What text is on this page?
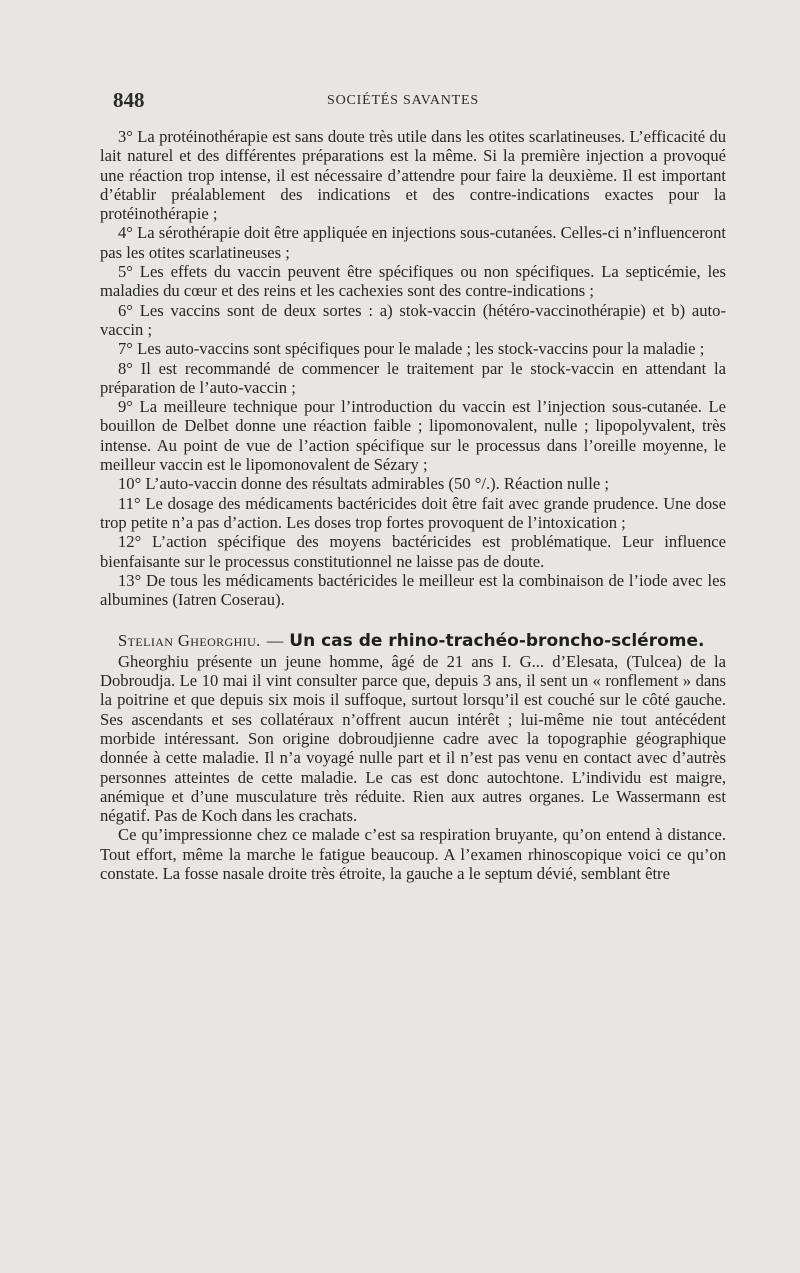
848	SOCIÉTÉS SAVANTES

3° La protéinothérapie est sans doute très utile dans les otites scarlatineuses. L’efficacité du lait naturel et des différentes préparations est la même. Si la première injection a provoqué une réaction trop intense, il est nécessaire d’attendre pour faire la deuxième. Il est important d’établir préalablement des indications et des contre-indications exactes pour la protéinothérapie ;

4° La sérothérapie doit être appliquée en injections sous-cutanées. Celles-ci n’influenceront pas les otites scarlatineuses ;

5° Les effets du vaccin peuvent être spécifiques ou non spécifiques. La septicémie, les maladies du cœur et des reins et les cachexies sont des contre-indications ;

6° Les vaccins sont de deux sortes : a) stok-vaccin (hétéro-vaccinothérapie) et b) auto-vaccin ;

7° Les auto-vaccins sont spécifiques pour le malade ; les stock-vaccins pour la maladie ;

8° Il est recommandé de commencer le traitement par le stock-vaccin en attendant la préparation de l’auto-vaccin ;

9° La meilleure technique pour l’introduction du vaccin est l’injection sous-cutanée. Le bouillon de Delbet donne une réaction faible ; lipomonovalent, nulle ; lipopolyvalent, très intense. Au point de vue de l’action spécifique sur le processus dans l’oreille moyenne, le meilleur vaccin est le lipomonovalent de Sézary ;

10° L’auto-vaccin donne des résultats admirables (50 °/.). Réaction nulle ;

11° Le dosage des médicaments bactéricides doit être fait avec grande prudence. Une dose trop petite n’a pas d’action. Les doses trop fortes provoquent de l’intoxication ;

12° L’action spécifique des moyens bactéricides est problématique. Leur influence bienfaisante sur le processus constitutionnel ne laisse pas de doute.

13° De tous les médicaments bactéricides le meilleur est la combinaison de l’iode avec les albumines (Iatren Coserau).

Stelian Gheorghiu. — Un cas de rhino-trachéo-broncho-sclérome.

Gheorghiu présente un jeune homme, âgé de 21 ans I. G... d’Elesata, (Tulcea) de la Dobroudja. Le 10 mai il vint consulter parce que, depuis 3 ans, il sent un « ronflement » dans la poitrine et que depuis six mois il suffoque, surtout lorsqu’il est couché sur le côté gauche. Ses ascendants et ses collatéraux n’offrent aucun intérêt ; lui-même nie tout antécédent morbide intéressant. Son origine dobroudjienne cadre avec la topographie géographique donnée à cette maladie. Il n’a voyagé nulle part et il n’est pas venu en contact avec d’autrès personnes atteintes de cette maladie. Le cas est donc autochtone. L’individu est maigre, anémique et d’une musculature très réduite. Rien aux autres organes. Le Wassermann est négatif. Pas de Koch dans les crachats.

Ce qu’impressionne chez ce malade c’est sa respiration bruyante, qu’on entend à distance. Tout effort, même la marche le fatigue beaucoup. A l’examen rhinoscopique voici ce qu’on constate. La fosse nasale droite très étroite, la gauche a le septum dévié, semblant être
